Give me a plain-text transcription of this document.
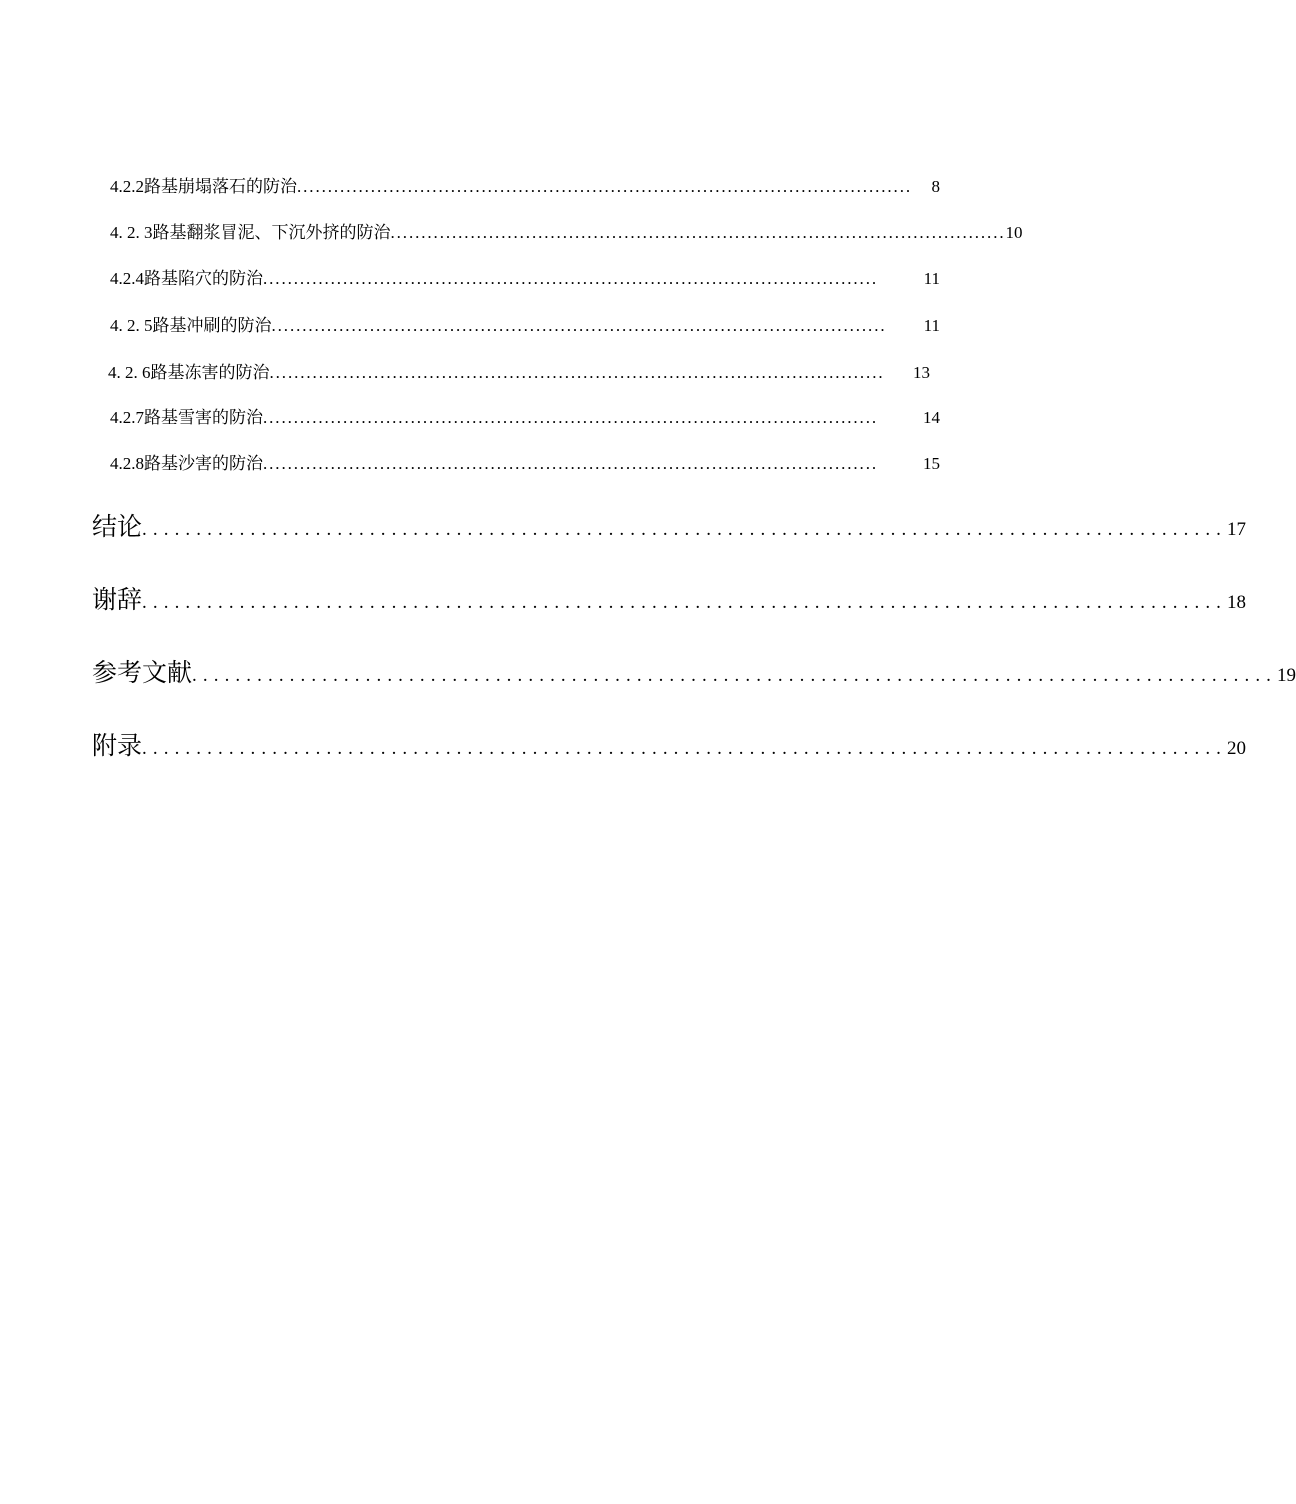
4.2.2路基崩塌落石的防治 ....................................................................................................	8
4. 2. 3路基翻浆冒泥、下沉外挤的防治 .................................................................................................... 10
4.2.4路基陷穴的防治 ....................................................................................................	11
4. 2. 5路基冲刷的防治 ....................................................................................................	11
4. 2. 6路基冻害的防治 ....................................................................................................	13
4.2.7路基雪害的防治 ....................................................................................................	14
4.2.8路基沙害的防治 ....................................................................................................	15
结论 .................................................................................................... 17
谢辞 .................................................................................................... 18
参考文献 .................................................................................................... 19
附录 .................................................................................................... 20
